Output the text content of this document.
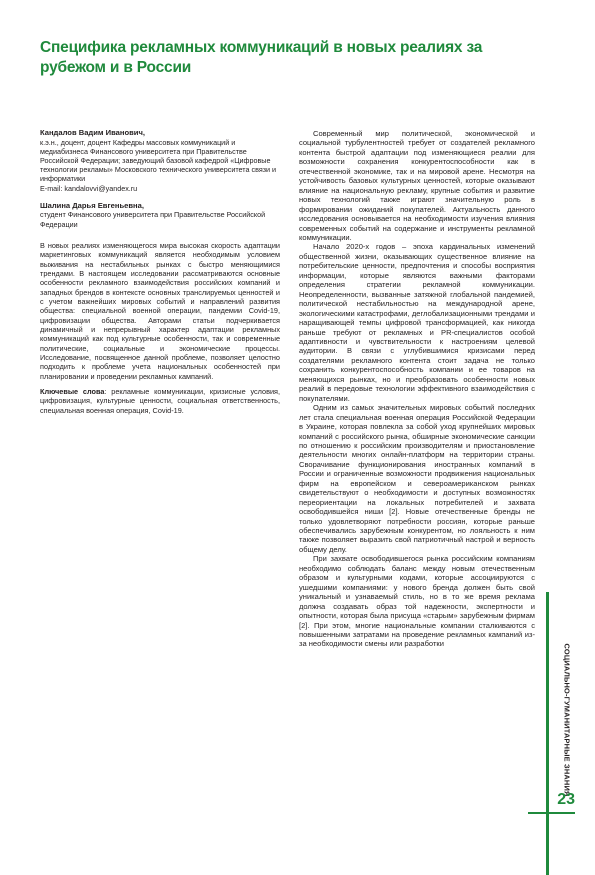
Специфика рекламных коммуникаций в новых реалиях за рубежом и в России

Кандалов Вадим Иванович,

к.э.н., доцент, доцент Кафедры массовых коммуникаций и медиабизнеса Финансового университета при Правительстве Российской Федерации; заведующий базовой кафедрой «Цифровые технологии рекламы» Московского технического университета связи и информатики

E-mail: kandalovvi@yandex.ru

Шалина Дарья Евгеньевна,

студент Финансового университета при Правительстве Российской Федерации

В новых реалиях изменяющегося мира высокая скорость адаптации маркетинговых коммуникаций является необходимым условием выживания на нестабильных рынках с быстро меняющимися трендами. В настоящем исследовании рассматриваются основные особенности рекламного взаимодействия российских компаний и западных брендов в контексте основных транслируемых ценностей и с учетом важнейших мировых событий и направлений развития общества: специальной военной операции, пандемии Covid-19, цифровизации общества. Авторами статьи подчеркивается динамичный и непрерывный характер адаптации рекламных коммуникаций как под культурные особенности, так и современные политические, социальные и экономические процессы. Исследование, посвященное данной проблеме, позволяет целостно подходить к проблеме учета национальных особенностей при планировании и проведении рекламных кампаний.

Ключевые слова: рекламные коммуникации, кризисные условия, цифровизация, культурные ценности, социальная ответственность, специальная военная операция, Covid-19.

Современный мир политической, экономической и социальной турбулентностей требует от создателей рекламного контента быстрой адаптации под изменяющиеся реалии для возможности сохранения конкурентоспособности как в отечественной экономике, так и на мировой арене. Несмотря на устойчивость базовых культурных ценностей, которые оказывают влияние на национальную рекламу, крупные события и развитие новых технологий также играют значительную роль в формировании ожиданий покупателей. Актуальность данного исследования основывается на необходимости изучения влияния современных событий на содержание и инструменты рекламной коммуникации.

Начало 2020-х годов – эпоха кардинальных изменений общественной жизни, оказывающих существенное влияние на потребительские ценности, предпочтения и способы восприятия информации, которые являются важными факторами определения стратегии рекламной коммуникации. Неопределенности, вызванные затяжной глобальной пандемией, политической нестабильностью на международной арене, экологическими катастрофами, деглобализационными трендами и наращивающей темпы цифровой трансформацией, как никогда раньше требуют от рекламных и PR-специалистов особой адаптивности и чувствительности к настроениям целевой аудитории. В связи с углубившимися кризисами перед создателями рекламного контента стоит задача не только сохранить конкурентоспособность компании и ее товаров на меняющихся рынках, но и преобразовать особенности новых реалий в передовые технологии эффективного взаимодействия с покупателями.

Одним из самых значительных мировых событий последних лет стала специальная военная операция Российской Федерации в Украине, которая повлекла за собой уход крупнейших мировых компаний с российского рынка, обширные экономические санкции по отношению к российским производителям и приостановление деятельности многих онлайн-платформ на территории страны. Сворачивание функционирования иностранных компаний в России и ограниченные возможности продвижения национальных фирм на европейском и североамериканском рынках свидетельствуют о необходимости и доступных возможностях переориентации на локальных потребителей и захвата освободившейся ниши [2]. Новые отечественные бренды не только удовлетворяют потребности россиян, которые раньше обеспечивались зарубежным конкурентом, но лояльность к ним также позволяет выразить свой патриотичный настрой и верность общему делу.

При захвате освободившегося рынка российским компаниям необходимо соблюдать баланс между новым отечественным образом и культурными кодами, которые ассоциируются с ушедшими компаниями: у нового бренда должен быть свой уникальный и узнаваемый стиль, но в то же время реклама должна создавать образ той надежности, экспертности и опытности, которая была присуща «старым» зарубежным фирмам [2]. При этом, многие национальные компании сталкиваются с повышенными затратами на проведение рекламных кампаний из-за необходимости смены или разработки	СОЦИАЛЬНО-ГУМАНИТАРНЫЕ ЗНАНИЯ
23
